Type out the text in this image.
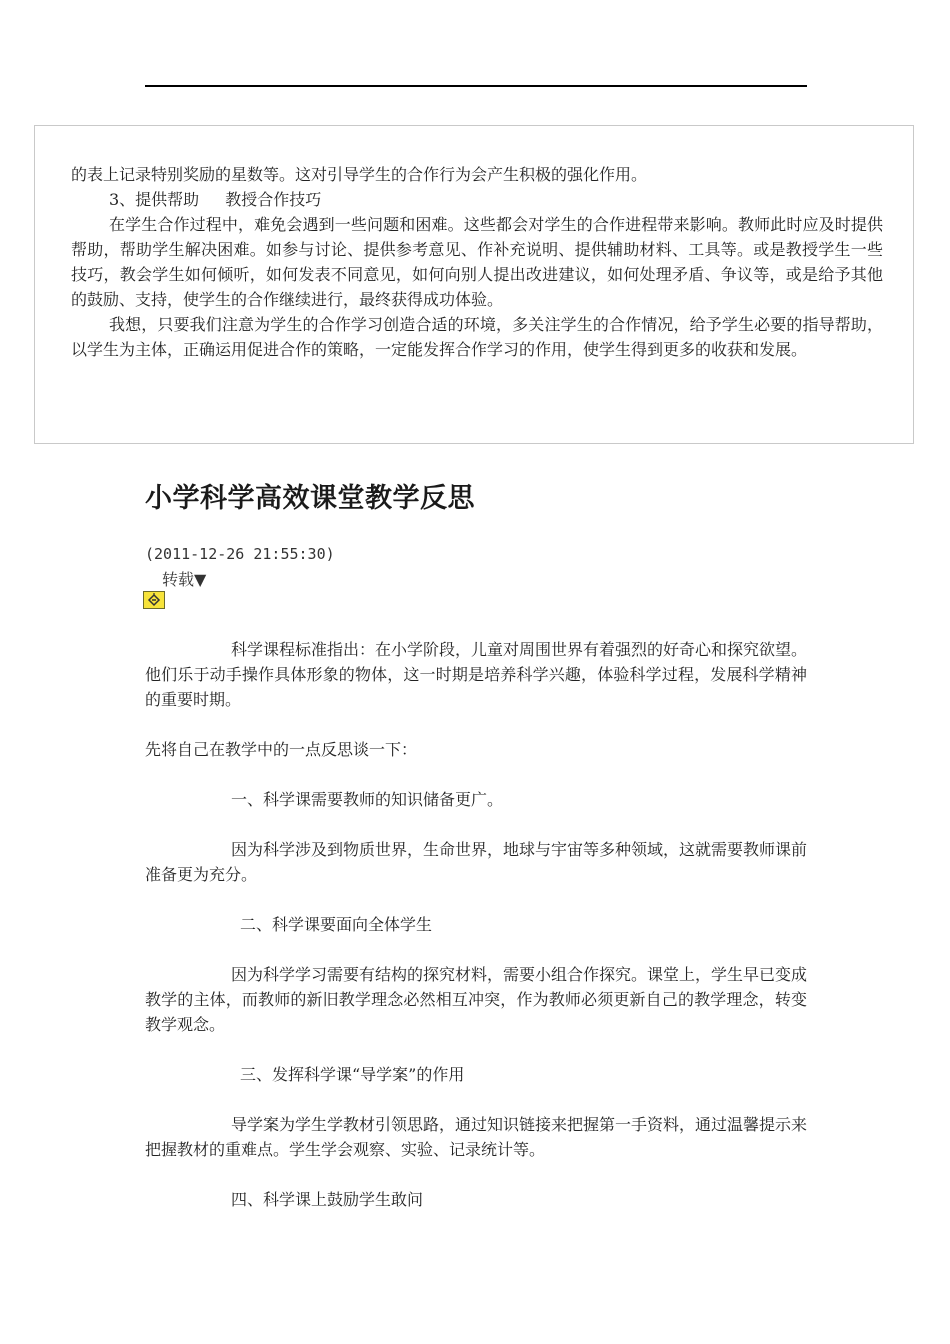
的表上记录特别奖励的星数等。这对引导学生的合作行为会产生积极的强化作用。

3、提供帮助 教授合作技巧

在学生合作过程中，难免会遇到一些问题和困难。这些都会对学生的合作进程带来影响。教师此时应及时提供帮助，帮助学生解决困难。如参与讨论、提供参考意见、作补充说明、提供辅助材料、工具等。或是教授学生一些技巧，教会学生如何倾听，如何发表不同意见，如何向别人提出改进建议，如何处理矛盾、争议等，或是给予其他的鼓励、支持，使学生的合作继续进行，最终获得成功体验。

我想，只要我们注意为学生的合作学习创造合适的环境，多关注学生的合作情况，给予学生必要的指导帮助，以学生为主体，正确运用促进合作的策略，一定能发挥合作学习的作用，使学生得到更多的收获和发展。

小学科学高效课堂教学反思
(2011-12-26 21:55:30)
转载▼

科学课程标准指出：在小学阶段，儿童对周围世界有着强烈的好奇心和探究欲望。他们乐于动手操作具体形象的物体，这一时期是培养科学兴趣，体验科学过程，发展科学精神的重要时期。

先将自己在教学中的一点反思谈一下：

一、科学课需要教师的知识储备更广。

因为科学涉及到物质世界，生命世界，地球与宇宙等多种领域，这就需要教师课前准备更为充分。

二、科学课要面向全体学生

因为科学学习需要有结构的探究材料，需要小组合作探究。课堂上，学生早已变成教学的主体，而教师的新旧教学理念必然相互冲突，作为教师必须更新自己的教学理念，转变教学观念。

三、发挥科学课“导学案”的作用

导学案为学生学教材引领思路，通过知识链接来把握第一手资料，通过温馨提示来把握教材的重难点。学生学会观察、实验、记录统计等。

四、科学课上鼓励学生敢问
